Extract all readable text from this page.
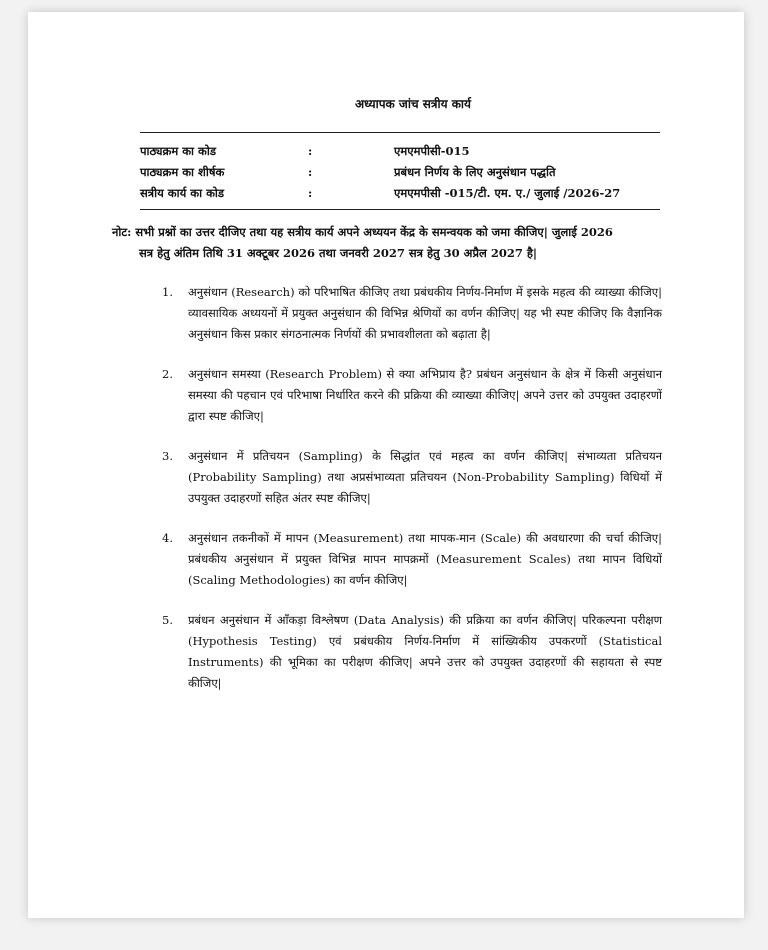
अध्यापक जांच सत्रीय कार्य
पाठ्यक्रम का कोड	:	एमएमपीसी-015
पाठ्यक्रम का शीर्षक	:	प्रबंधन निर्णय के लिए अनुसंधान पद्धति
सत्रीय कार्य का कोड	:	एमएमपीसी -015/टी. एम. ए./ जुलाई /2026-27
नोट: सभी प्रश्नों का उत्तर दीजिए तथा यह सत्रीय कार्य अपने अध्ययन केंद्र के समन्वयक को जमा कीजिए| जुलाई 2026
सत्र हेतु अंतिम तिथि 31 अक्टूबर 2026 तथा जनवरी 2027 सत्र हेतु 30 अप्रैल 2027 है|
1.	अनुसंधान (Research) को परिभाषित कीजिए तथा प्रबंधकीय निर्णय-निर्माण में इसके महत्व की व्याख्या कीजिए| व्यावसायिक अध्ययनों में प्रयुक्त अनुसंधान की विभिन्न श्रेणियों का वर्णन कीजिए| यह भी स्पष्ट कीजिए कि वैज्ञानिक अनुसंधान किस प्रकार संगठनात्मक निर्णयों की प्रभावशीलता को बढ़ाता है|
2.	अनुसंधान समस्या (Research Problem) से क्या अभिप्राय है? प्रबंधन अनुसंधान के क्षेत्र में किसी अनुसंधान समस्या की पहचान एवं परिभाषा निर्धारित करने की प्रक्रिया की व्याख्या कीजिए| अपने उत्तर को उपयुक्त उदाहरणों द्वारा स्पष्ट कीजिए|
3.	अनुसंधान में प्रतिचयन (Sampling) के सिद्धांत एवं महत्व का वर्णन कीजिए| संभाव्यता प्रतिचयन (Probability Sampling) तथा अप्रसंभाव्यता प्रतिचयन (Non-Probability Sampling) विधियों में उपयुक्त उदाहरणों सहित अंतर स्पष्ट कीजिए|
4.	अनुसंधान तकनीकों में मापन (Measurement) तथा मापक-मान (Scale) की अवधारणा की चर्चा कीजिए| प्रबंधकीय अनुसंधान में प्रयुक्त विभिन्न मापन मापक्रमों (Measurement Scales) तथा मापन विधियों (Scaling Methodologies) का वर्णन कीजिए|
5.	प्रबंधन अनुसंधान में आँकड़ा विश्लेषण (Data Analysis) की प्रक्रिया का वर्णन कीजिए| परिकल्पना परीक्षण (Hypothesis Testing) एवं प्रबंधकीय निर्णय-निर्माण में सांख्यिकीय उपकरणों (Statistical Instruments) की भूमिका का परीक्षण कीजिए| अपने उत्तर को उपयुक्त उदाहरणों की सहायता से स्पष्ट कीजिए|
